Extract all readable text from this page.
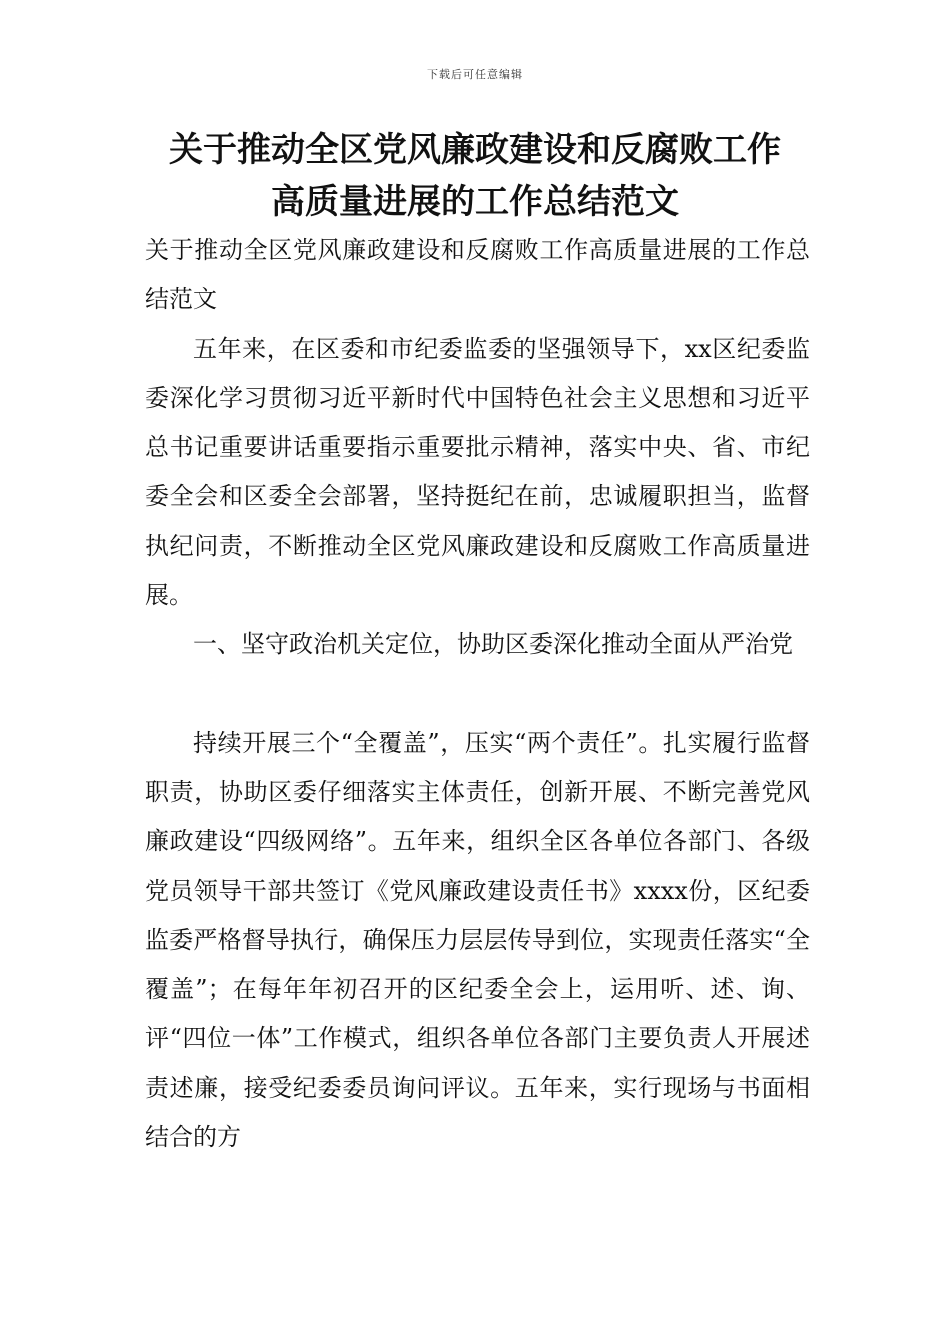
下载后可任意编辑
关于推动全区党风廉政建设和反腐败工作
高质量进展的工作总结范文

关于推动全区党风廉政建设和反腐败工作高质量进展的工作总结范文

五年来，在区委和市纪委监委的坚强领导下，xx区纪委监委深化学习贯彻习近平新时代中国特色社会主义思想和习近平总书记重要讲话重要指示重要批示精神，落实中央、省、市纪委全会和区委全会部署，坚持挺纪在前，忠诚履职担当，监督执纪问责，不断推动全区党风廉政建设和反腐败工作高质量进展。

一、坚守政治机关定位，协助区委深化推动全面从严治党

持续开展三个“全覆盖”，压实“两个责任”。扎实履行监督职责，协助区委仔细落实主体责任，创新开展、不断完善党风廉政建设“四级网络”。五年来，组织全区各单位各部门、各级党员领导干部共签订《党风廉政建设责任书》xxxx份，区纪委监委严格督导执行，确保压力层层传导到位，实现责任落实“全覆盖”；在每年年初召开的区纪委全会上，运用听、述、询、评“四位一体”工作模式，组织各单位各部门主要负责人开展述责述廉，接受纪委委员询问评议。五年来，实行现场与书面相结合的方
